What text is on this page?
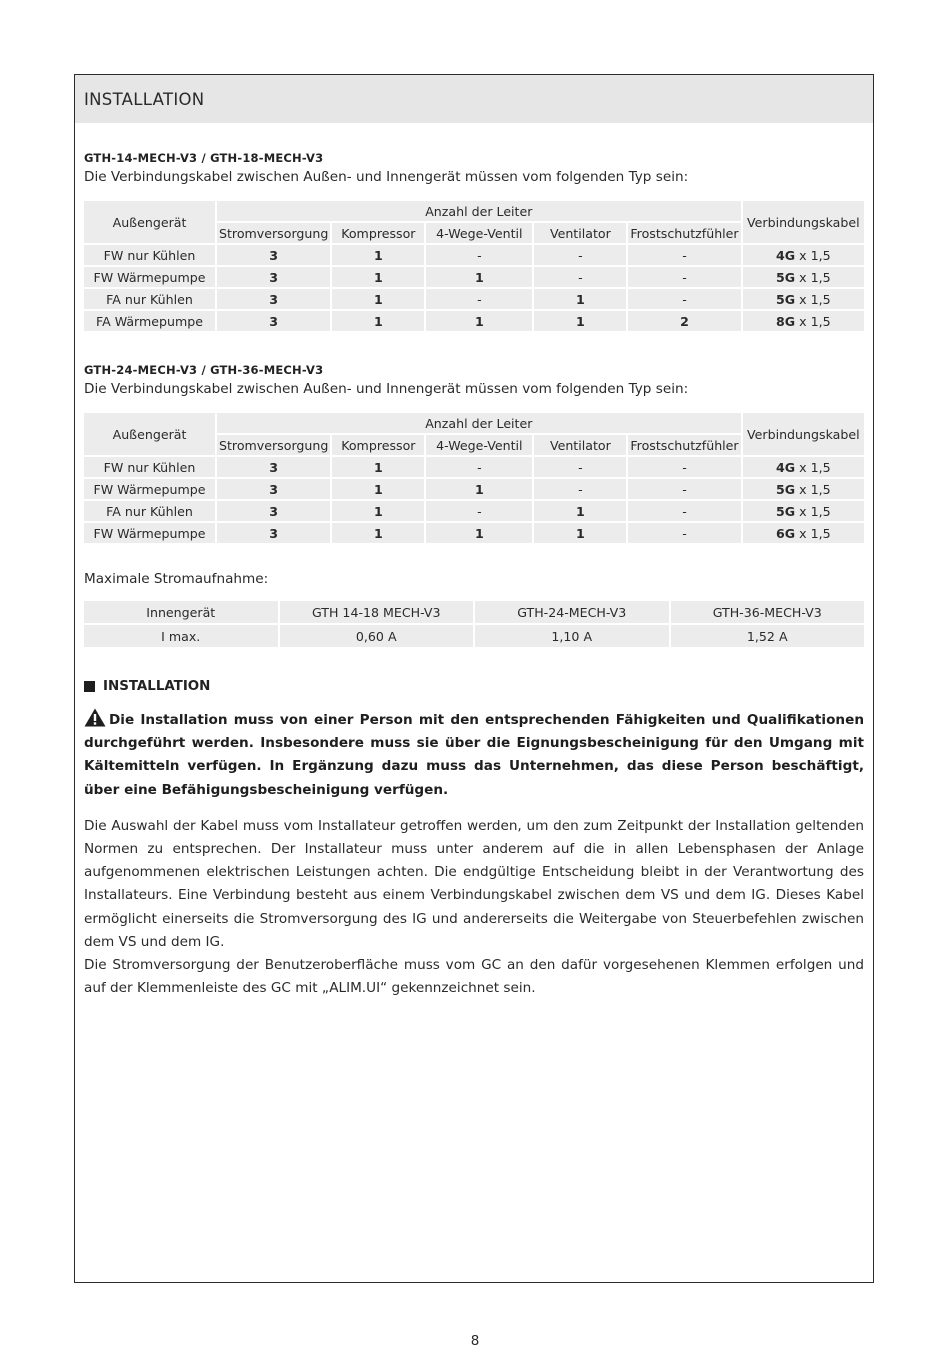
INSTALLATION
GTH-14-MECH-V3 / GTH-18-MECH-V3
Die Verbindungskabel zwischen Außen- und Innengerät müssen vom folgenden Typ sein:
Außengerät	Anzahl der Leiter					Verbindungskabel
	Stromversorgung	Kompressor	4-Wege-Ventil	Ventilator	Frostschutzfühler	
FW nur Kühlen	3	1	-	-	-	4G x 1,5
FW Wärmepumpe	3	1	1	-	-	5G x 1,5
FA nur Kühlen	3	1	-	1	-	5G x 1,5
FA Wärmepumpe	3	1	1	1	2	8G x 1,5
GTH-24-MECH-V3 / GTH-36-MECH-V3
Die Verbindungskabel zwischen Außen- und Innengerät müssen vom folgenden Typ sein:
Außengerät	Anzahl der Leiter					Verbindungskabel
	Stromversorgung	Kompressor	4-Wege-Ventil	Ventilator	Frostschutzfühler	
FW nur Kühlen	3	1	-	-	-	4G x 1,5
FW Wärmepumpe	3	1	1	-	-	5G x 1,5
FA nur Kühlen	3	1	-	1	-	5G x 1,5
FW Wärmepumpe	3	1	1	1	-	6G x 1,5
Maximale Stromaufnahme:
Innengerät	GTH 14-18 MECH-V3	GTH-24-MECH-V3	GTH-36-MECH-V3
I max.	0,60 A	1,10 A	1,52 A
INSTALLATION
Die Installation muss von einer Person mit den entsprechenden Fähigkeiten und Qualifikationen durchgeführt werden. Insbesondere muss sie über die Eignungsbescheinigung für den Umgang mit Kältemitteln verfügen. In Ergänzung dazu muss das Unternehmen, das diese Person beschäftigt, über eine Befähigungsbescheinigung verfügen.

Die Auswahl der Kabel muss vom Installateur getroffen werden, um den zum Zeitpunkt der Installation geltenden Normen zu entsprechen. Der Installateur muss unter anderem auf die in allen Lebensphasen der Anlage aufgenommenen elektrischen Leistungen achten. Die endgültige Entscheidung bleibt in der Verantwortung des Installateurs. Eine Verbindung besteht aus einem Verbindungskabel zwischen dem VS und dem IG. Dieses Kabel ermöglicht einerseits die Stromversorgung des IG und andererseits die Weitergabe von Steuerbefehlen zwischen dem VS und dem IG.

Die Stromversorgung der Benutzeroberfläche muss vom GC an den dafür vorgesehenen Klemmen erfolgen und auf der Klemmenleiste des GC mit „ALIM.UI“ gekennzeichnet sein.

8
